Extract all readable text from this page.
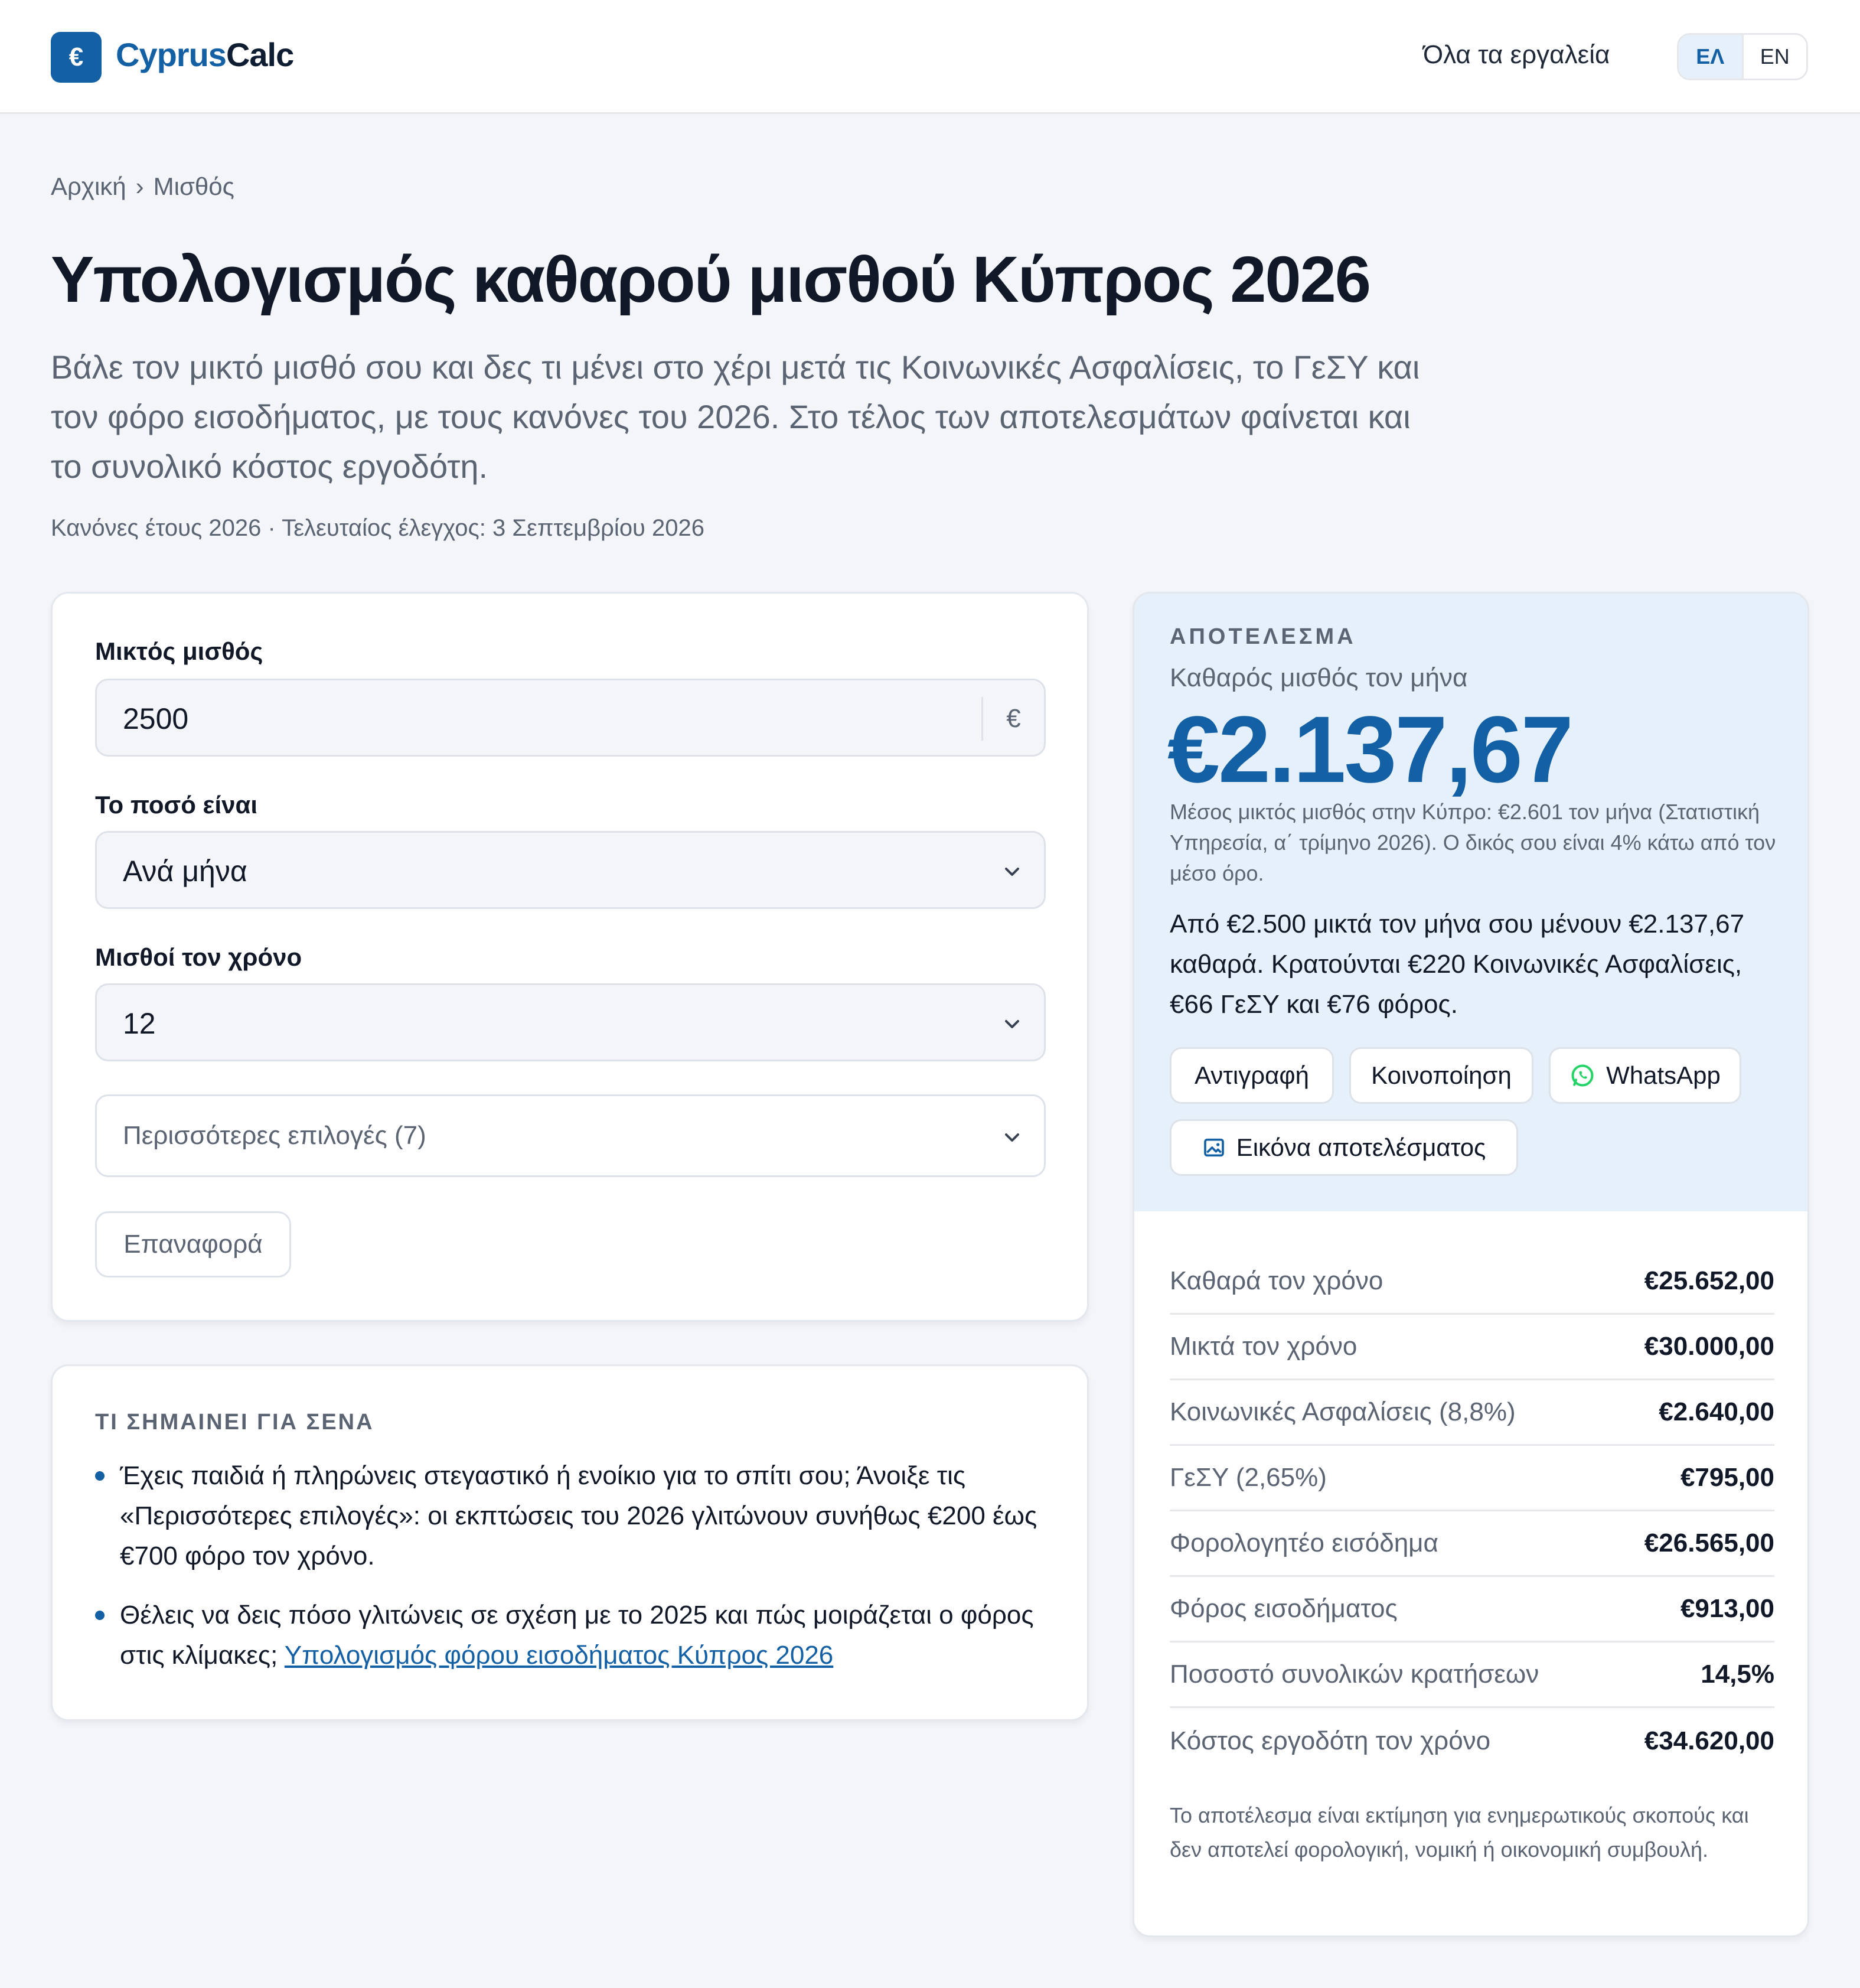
€ CyprusCalc	Όλα τα εργαλεία	ΕΛ	EN
Αρχική › Μισθός
Υπολογισμός καθαρού μισθού Κύπρος 2026

Βάλε τον μικτό μισθό σου και δες τι μένει στο χέρι μετά τις Κοινωνικές Ασφαλίσεις, το ΓεΣΥ και τον φόρο εισοδήματος, με τους κανόνες του 2026. Στο τέλος των αποτελεσμάτων φαίνεται και το συνολικό κόστος εργοδότη.

Κανόνες έτους 2026 · Τελευταίος έλεγχος: 3 Σεπτεμβρίου 2026
Μικτός μισθός
2500	€
Το ποσό είναι
Ανά μήνα
Μισθοί τον χρόνο
12
Περισσότερες επιλογές (7)
Επαναφορά
ΤΙ ΣΗΜΑΙΝΕΙ ΓΙΑ ΣΕΝΑ
Έχεις παιδιά ή πληρώνεις στεγαστικό ή ενοίκιο για το σπίτι σου; Άνοιξε τις «Περισσότερες επιλογές»: οι εκπτώσεις του 2026 γλιτώνουν συνήθως €200 έως €700 φόρο τον χρόνο.
Θέλεις να δεις πόσο γλιτώνεις σε σχέση με το 2025 και πώς μοιράζεται ο φόρος στις κλίμακες; Υπολογισμός φόρου εισοδήματος Κύπρος 2026
ΑΠΟΤΕΛΕΣΜΑ
Καθαρός μισθός τον μήνα
€2.137,67
Μέσος μικτός μισθός στην Κύπρο: €2.601 τον μήνα (Στατιστική Υπηρεσία, α΄ τρίμηνο 2026). Ο δικός σου είναι 4% κάτω από τον μέσο όρο.
Από €2.500 μικτά τον μήνα σου μένουν €2.137,67 καθαρά. Κρατούνται €220 Κοινωνικές Ασφαλίσεις, €66 ΓεΣΥ και €76 φόρος.
Αντιγραφή	Κοινοποίηση	WhatsApp
Εικόνα αποτελέσματος
Καθαρά τον χρόνο	€25.652,00
Μικτά τον χρόνο	€30.000,00
Κοινωνικές Ασφαλίσεις (8,8%)	€2.640,00
ΓεΣΥ (2,65%)	€795,00
Φορολογητέο εισόδημα	€26.565,00
Φόρος εισοδήματος	€913,00
Ποσοστό συνολικών κρατήσεων	14,5%
Κόστος εργοδότη τον χρόνο	€34.620,00
Το αποτέλεσμα είναι εκτίμηση για ενημερωτικούς σκοπούς και δεν αποτελεί φορολογική, νομική ή οικονομική συμβουλή.
